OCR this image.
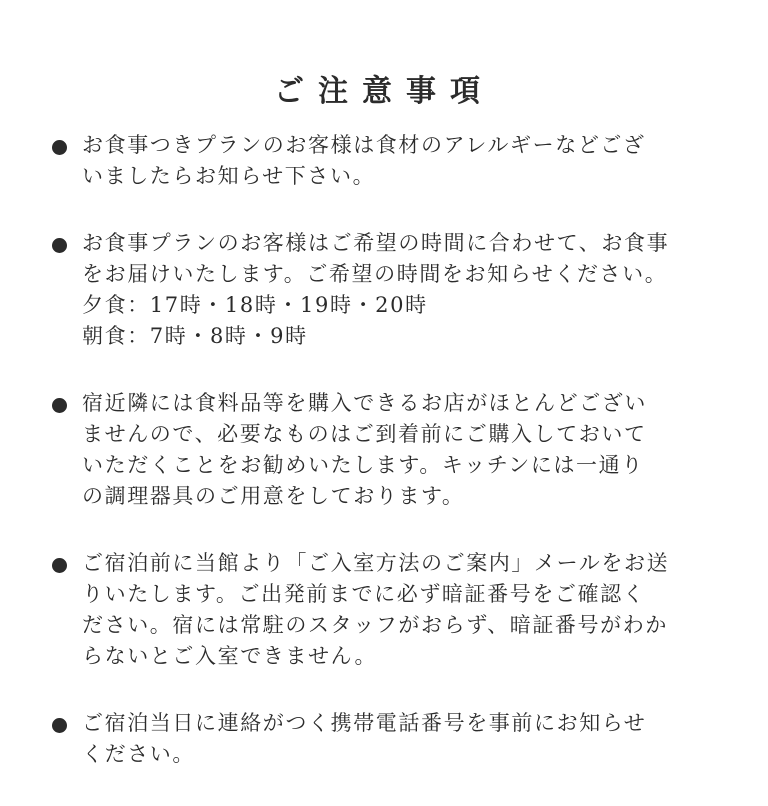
ご注意事項
お食事つきプランのお客様は食材のアレルギーなどござ
いましたらお知らせ下さい。
お食事プランのお客様はご希望の時間に合わせて、お食事
をお届けいたします。ご希望の時間をお知らせください。
夕食：17時・18時・19時・20時
朝食：7時・8時・9時
宿近隣には食料品等を購入できるお店がほとんどござい
ませんので、必要なものはご到着前にご購入しておいて
いただくことをお勧めいたします。キッチンには一通り
の調理器具のご用意をしております。
ご宿泊前に当館より「ご入室方法のご案内」メールをお送
りいたします。ご出発前までに必ず暗証番号をご確認く
ださい。宿には常駐のスタッフがおらず、暗証番号がわか
らないとご入室できません。
ご宿泊当日に連絡がつく携帯電話番号を事前にお知らせ
ください。
